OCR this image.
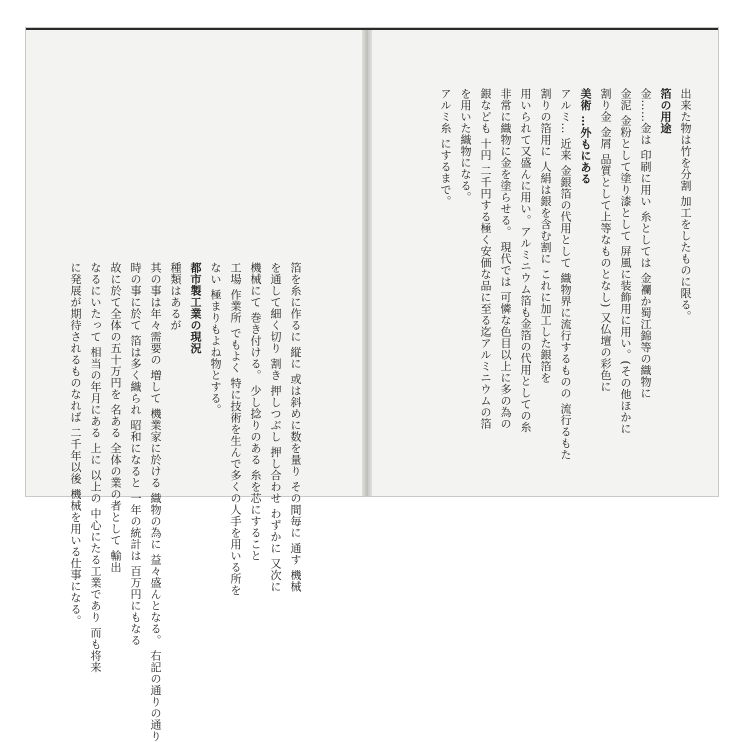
箔を糸に作るに 縦に 或は斜めに数を量り その間毎に 通す 機械
を通して細く切り 割き 押しつぶし 押し合わせ わずかに 又次に
機械にて 巻き付ける。 少し捻りのある 糸を芯にすること
工場 作業所 でもよく 特に技術を生んで多くの人手を用いる所を
ない 極まりもよね物とする。
都市製工業の現況
種類はあるが
其の事は年々需要の 増して 機業家に於ける 織物の為に 益々盛んとなる。 右記の通りの通り
時の事に於て 箔は多く織られ 昭和になると 一年の統計は 百万円にもなる
故に於て全体の五十万円を 名ある 全体の業の者として 輸出
なるにいたって 相当の年月にある 上に 以上の 中心にたる工業であり 而も将来
に発展が期待されるものなれば 二千年以後 機械を用いる仕事になる。
出来た物は竹を分割 加工をしたものに限る。
箔の用途
金……金は 印刷に用い 糸としては 金襴か蜀江錦等の織物に
金泥 金粉として塗り漆として 屏風に装飾用に用い。(その他ほかに
割り金 金屑 品質として上等なものとなし) 又仏壇の彩色に
美術 …外もにある
アルミ… 近来 金銀箔の代用として 織物界に流行するものの 流行るもた
割りの箔用に 人絹は銀を含む割に これに加工した銀箔を
用いられて又盛んに用い。アルミニウム箔も金箔の代用としての糸
非常に織物に金を塗らせる。 現代では 可憐な色目以上に多の為の
銀なども 十円 二千円する極く安価な品に至る迄アルミニウムの箔
を用いた織物になる。
アルミ糸 にするまで。
